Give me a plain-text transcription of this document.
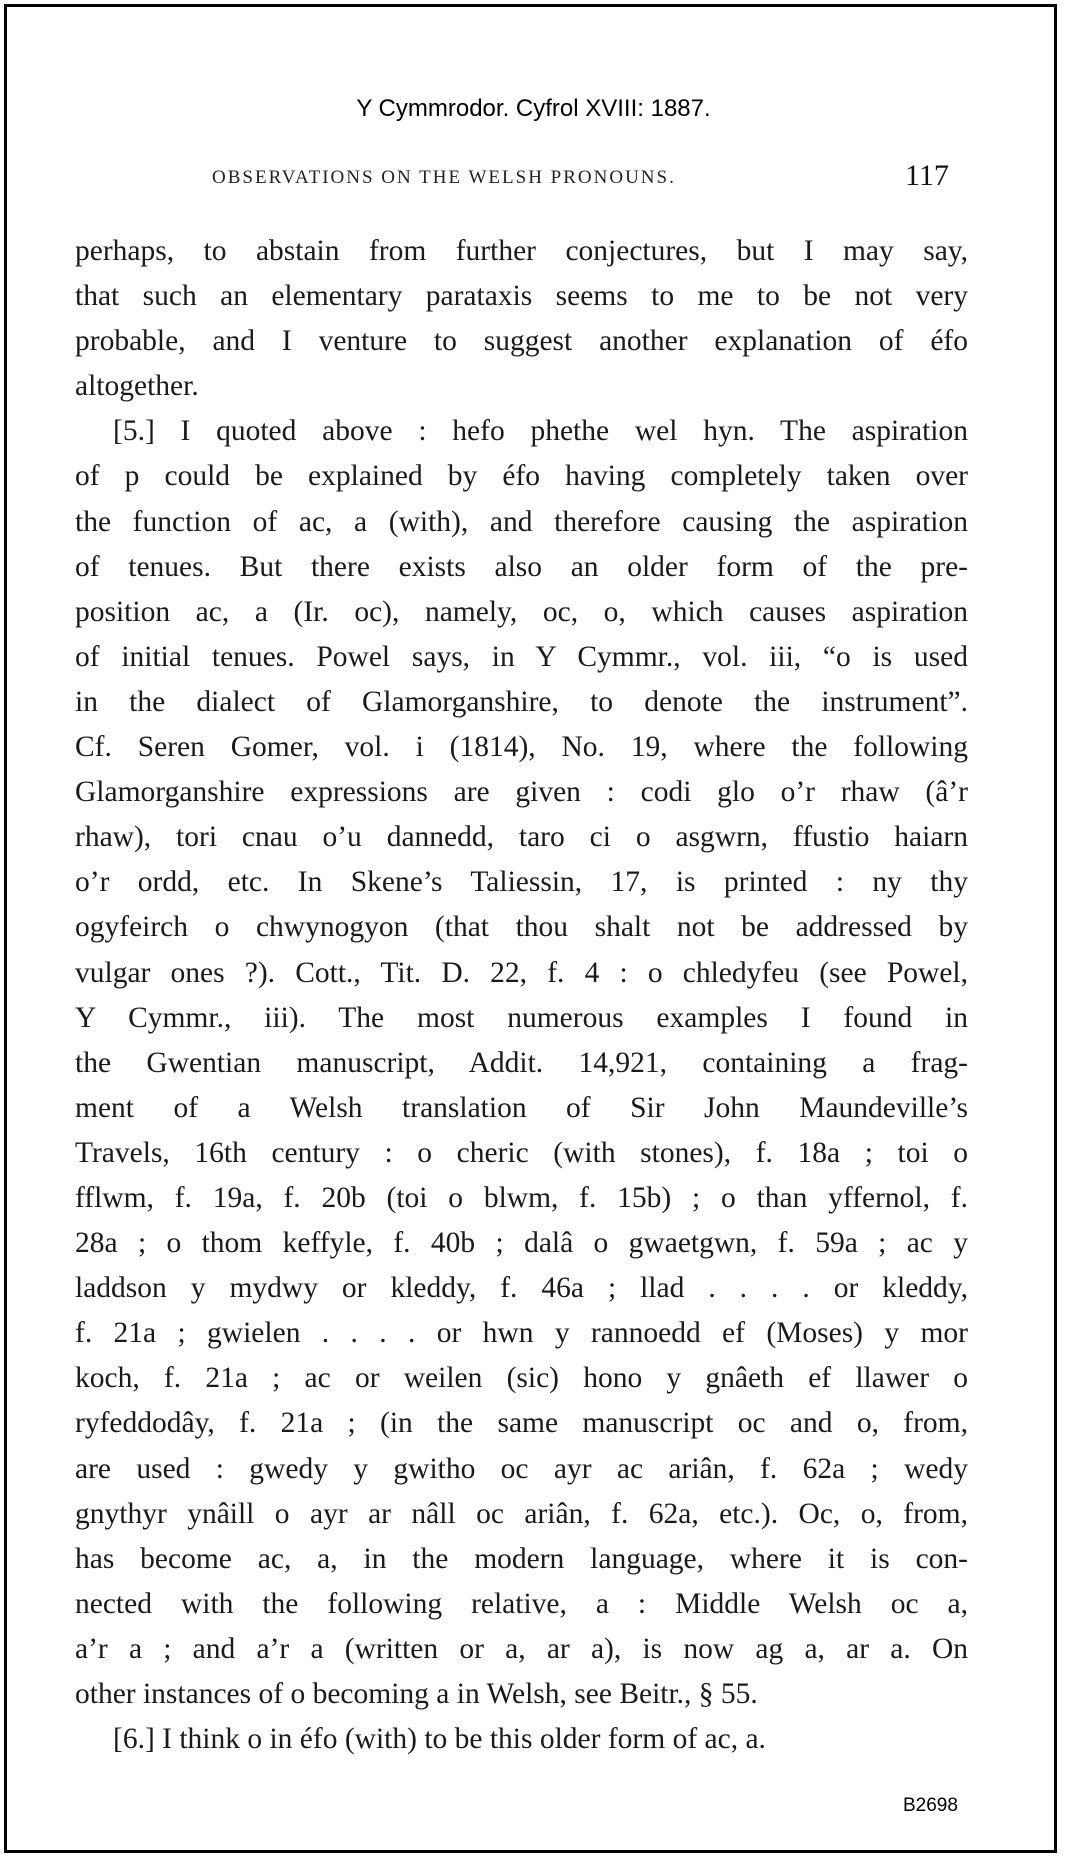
Y Cymmrodor. Cyfrol XVIII: 1887.
OBSERVATIONS ON THE WELSH PRONOUNS.	117
perhaps, to abstain from further conjectures, but I may say,
that such an elementary parataxis seems to me to be not very
probable, and I venture to suggest another explanation of éfo
altogether.
[5.] I quoted above : hefo phethe wel hyn. The aspiration
of p could be explained by éfo having completely taken over
the function of ac, a (with), and therefore causing the aspiration
of tenues. But there exists also an older form of the pre-
position ac, a (Ir. oc), namely, oc, o, which causes aspiration
of initial tenues. Powel says, in Y Cymmr., vol. iii, “o is used
in the dialect of Glamorganshire, to denote the instrument”.
Cf. Seren Gomer, vol. i (1814), No. 19, where the following
Glamorganshire expressions are given : codi glo o’r rhaw (â’r
rhaw), tori cnau o’u dannedd, taro ci o asgwrn, ffustio haiarn
o’r ordd, etc. In Skene’s Taliessin, 17, is printed : ny thy
ogyfeirch o chwynogyon (that thou shalt not be addressed by
vulgar ones ?). Cott., Tit. D. 22, f. 4 : o chledyfeu (see Powel,
Y Cymmr., iii). The most numerous examples I found in
the Gwentian manuscript, Addit. 14,921, containing a frag-
ment of a Welsh translation of Sir John Maundeville’s
Travels, 16th century : o cheric (with stones), f. 18a ; toi o
fflwm, f. 19a, f. 20b (toi o blwm, f. 15b) ; o than yffernol, f.
28a ; o thom keffyle, f. 40b ; dalâ o gwaetgwn, f. 59a ; ac y
laddson y mydwy or kleddy, f. 46a ; llad . . . . or kleddy,
f. 21a ; gwielen . . . . or hwn y rannoedd ef (Moses) y mor
koch, f. 21a ; ac or weilen (sic) hono y gnâeth ef llawer o
ryfeddodây, f. 21a ; (in the same manuscript oc and o, from,
are used : gwedy y gwitho oc ayr ac ariân, f. 62a ; wedy
gnythyr ynâill o ayr ar nâll oc ariân, f. 62a, etc.). Oc, o, from,
has become ac, a, in the modern language, where it is con-
nected with the following relative, a : Middle Welsh oc a,
a’r a ; and a’r a (written or a, ar a), is now ag a, ar a. On
other instances of o becoming a in Welsh, see Beitr., § 55.
[6.] I think o in éfo (with) to be this older form of ac, a.
B2698
